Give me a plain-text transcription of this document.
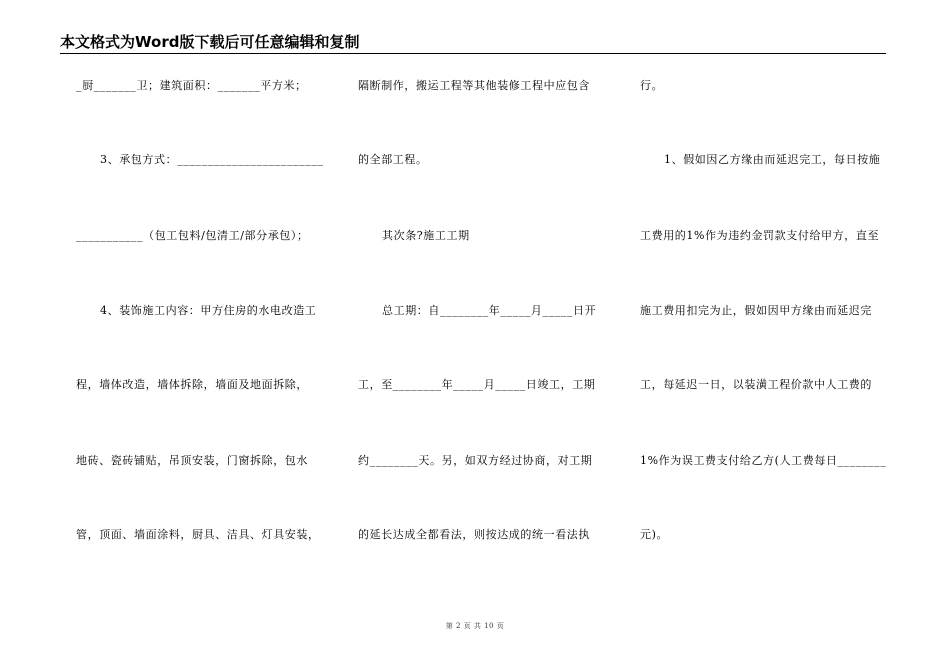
本文格式为Word版下载后可任意编辑和复制
_厨_______卫；建筑面积：_______平方米；
3、承包方式：________________________
___________（包工包料/包清工/部分承包）；
4、装饰施工内容：甲方住房的水电改造工
程，墙体改造，墙体拆除，墙面及地面拆除，
地砖、瓷砖铺贴，吊顶安装，门窗拆除，包水
管，顶面、墙面涂料，厨具、洁具、灯具安装，
隔断制作，搬运工程等其他装修工程中应包含
的全部工程。
其次条?施工工期
总工期：自________年_____月_____日开
工，至________年_____月_____日竣工，工期
约________天。另，如双方经过协商，对工期
的延长达成全都看法，则按达成的统一看法执
行。
1、假如因乙方缘由而延迟完工，每日按施
工费用的1%作为违约金罚款支付给甲方，直至
施工费用扣完为止，假如因甲方缘由而延迟完
工，每延迟一日，以装潢工程价款中人工费的
1%作为误工费支付给乙方(人工费每日________
元)。
第 2 页 共 10 页
